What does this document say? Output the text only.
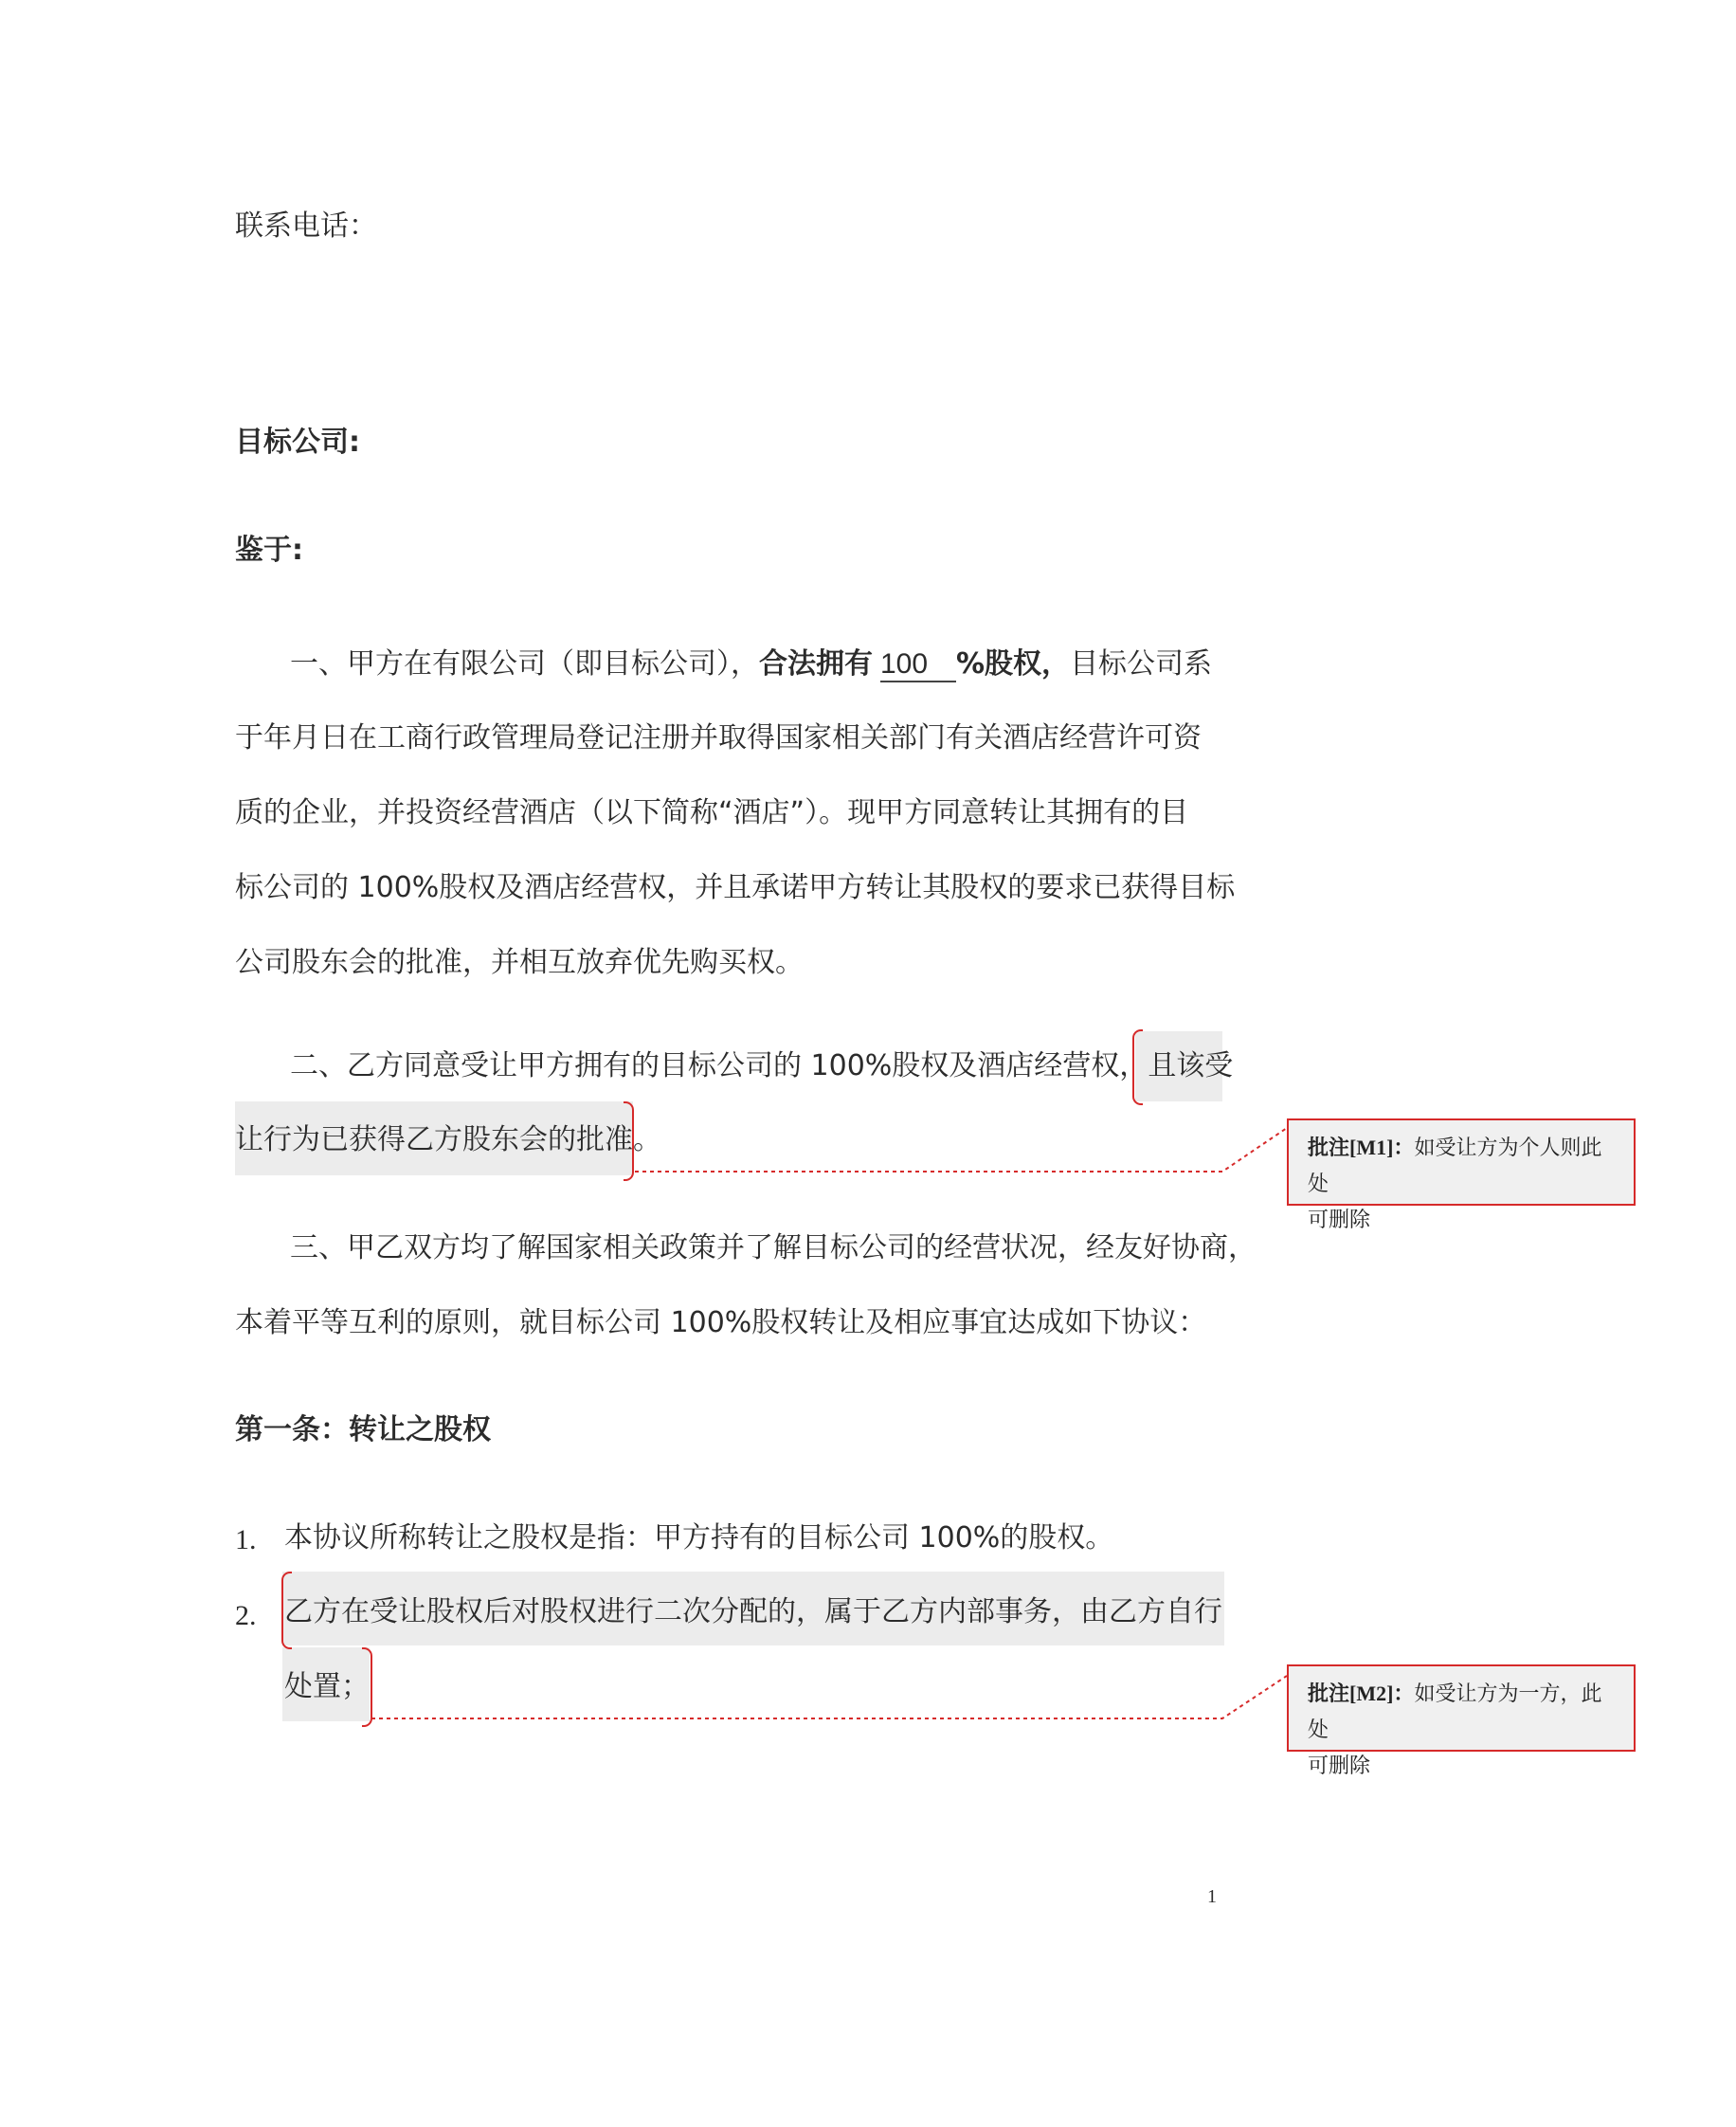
联系电话：
目标公司:
鉴于:
一、甲方在有限公司（即目标公司），合法拥有 100 %股权，目标公司系
于年月日在工商行政管理局登记注册并取得国家相关部门有关酒店经营许可资
质的企业，并投资经营酒店（以下简称“酒店”）。现甲方同意转让其拥有的目
标公司的 100%股权及酒店经营权，并且承诺甲方转让其股权的要求已获得目标
公司股东会的批准，并相互放弃优先购买权。
二、乙方同意受让甲方拥有的目标公司的 100%股权及酒店经营权，且该受
让行为已获得乙方股东会的批准。
三、甲乙双方均了解国家相关政策并了解目标公司的经营状况，经友好协商，
本着平等互利的原则，就目标公司 100%股权转让及相应事宜达成如下协议：
第一条：转让之股权
1. 本协议所称转让之股权是指：甲方持有的目标公司 100%的股权。
2. 乙方在受让股权后对股权进行二次分配的，属于乙方内部事务，由乙方自行
处置；
批注[M1]：如受让方为个人则此处
可删除
批注[M2]：如受让方为一方，此处
可删除
1
